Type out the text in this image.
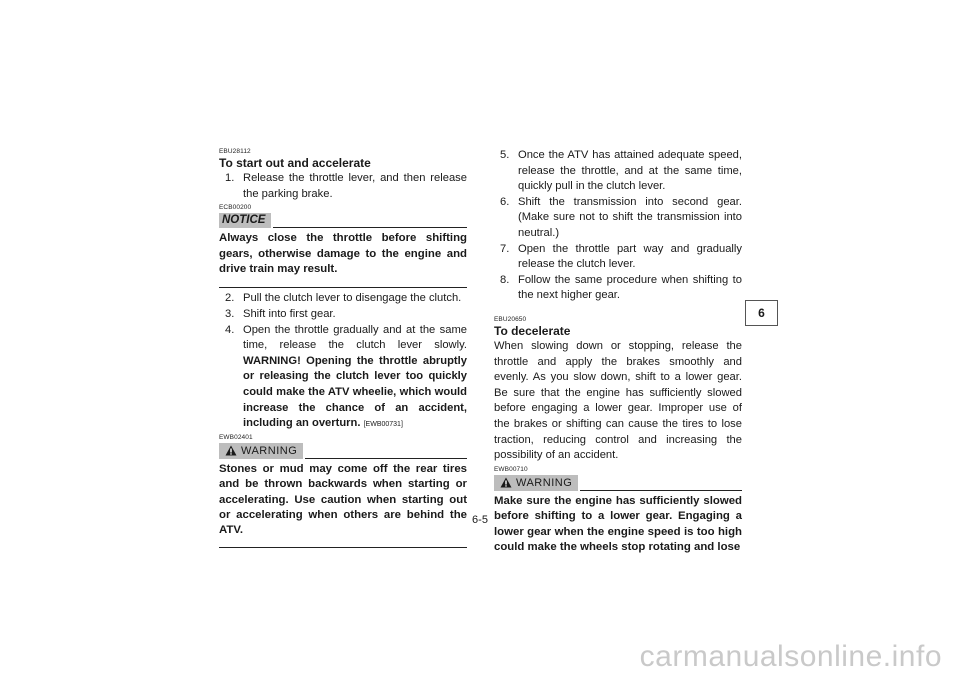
EBU28112
To start out and accelerate
1. Release the throttle lever, and then release the parking brake.
ECB00200
NOTICE

Always close the throttle before shifting gears, otherwise damage to the engine and drive train may result.

2. Pull the clutch lever to disengage the clutch.
3. Shift into first gear.
4. Open the throttle gradually and at the same time, release the clutch lever slowly. WARNING! Opening the throttle abruptly or releasing the clutch lever too quickly could make the ATV wheelie, which would increase the chance of an accident, including an overturn. [EWB00731]
EWB02401
WARNING

Stones or mud may come off the rear tires and be thrown backwards when starting or accelerating. Use caution when starting out or accelerating when others are behind the ATV.

5. Once the ATV has attained adequate speed, release the throttle, and at the same time, quickly pull in the clutch lever.
6. Shift the transmission into second gear. (Make sure not to shift the transmission into neutral.)
7. Open the throttle part way and gradually release the clutch lever.
8. Follow the same procedure when shifting to the next higher gear.
EBU20650
To decelerate

When slowing down or stopping, release the throttle and apply the brakes smoothly and evenly. As you slow down, shift to a lower gear. Be sure that the engine has sufficiently slowed before engaging a lower gear. Improper use of the brakes or shifting can cause the tires to lose traction, reducing control and increasing the possibility of an accident.

EWB00710
WARNING

Make sure the engine has sufficiently slowed before shifting to a lower gear. Engaging a lower gear when the engine speed is too high could make the wheels stop rotating and lose

6
6-5
carmanualsonline.info
